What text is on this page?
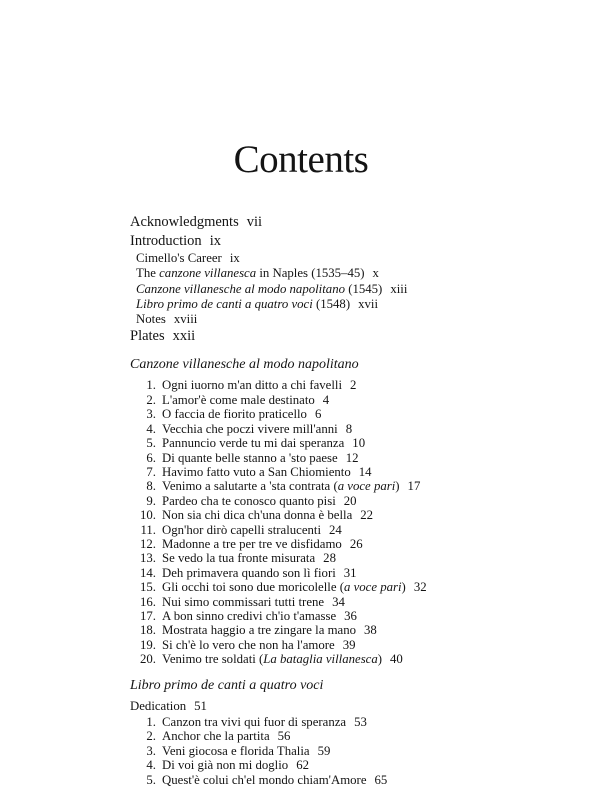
Contents
Acknowledgments vii
Introduction ix
Cimello's Career ix
The canzone villanesca in Naples (1535–45) x
Canzone villanesche al modo napolitano (1545) xiii
Libro primo de canti a quatro voci (1548) xvii
Notes xviii
Plates xxii
Canzone villanesche al modo napolitano
1. Ogni iuorno m'an ditto a chi favelli 2
2. L'amor'è come male destinato 4
3. O faccia de fiorito praticello 6
4. Vecchia che poczi vivere mill'anni 8
5. Pannuncio verde tu mi dai speranza 10
6. Di quante belle stanno a 'sto paese 12
7. Havimo fatto vuto a San Chiomiento 14
8. Venimo a salutarte a 'sta contrata (a voce pari) 17
9. Pardeo cha te conosco quanto pisi 20
10. Non sia chi dica ch'una donna è bella 22
11. Ogn'hor dirò capelli stralucenti 24
12. Madonne a tre per tre ve disfidamo 26
13. Se vedo la tua fronte misurata 28
14. Deh primavera quando son lì fiori 31
15. Gli occhi toi sono due moricolelle (a voce pari) 32
16. Nui simo commissari tutti trene 34
17. A bon sinno credivi ch'io t'amasse 36
18. Mostrata haggio a tre zingare la mano 38
19. Si ch'è lo vero che non ha l'amore 39
20. Venimo tre soldati (La bataglia villanesca) 40
Libro primo de canti a quatro voci
Dedication 51
1. Canzon tra vivi qui fuor di speranza 53
2. Anchor che la partita 56
3. Veni giocosa e florida Thalia 59
4. Di voi già non mi doglio 62
5. Quest'è colui ch'el mondo chiam'Amore 65
